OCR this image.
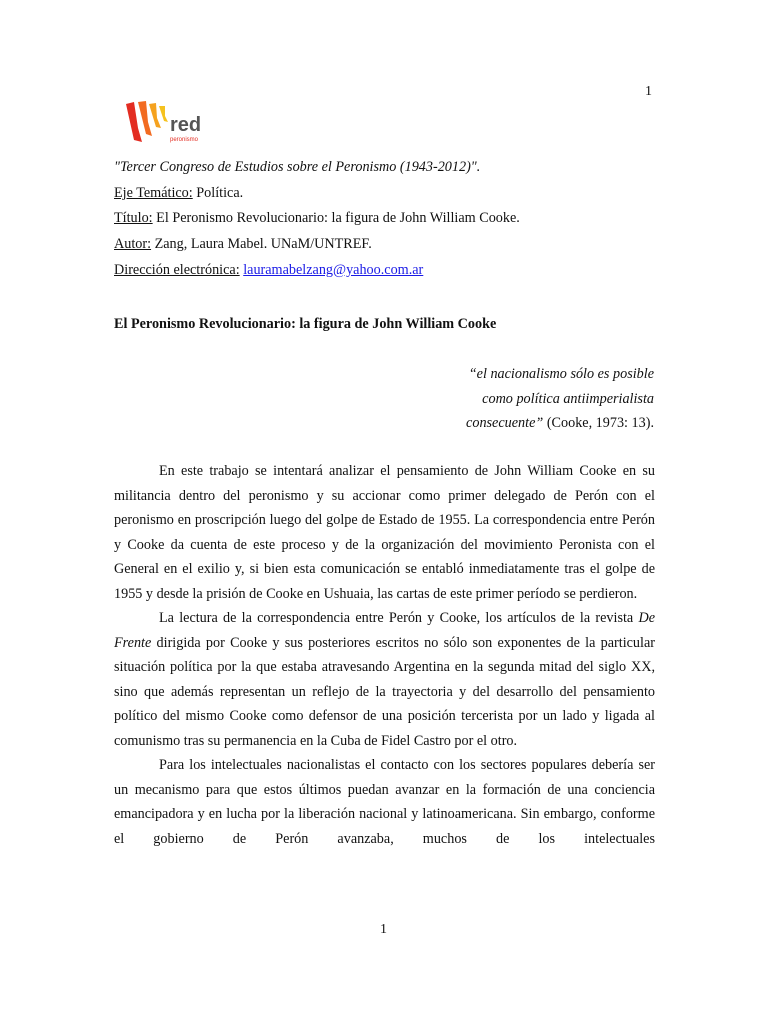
1
red
peronismo
"Tercer Congreso de Estudios sobre el Peronismo (1943-2012)".
Eje Temático: Política.
Título: El Peronismo Revolucionario: la figura de John William Cooke.
Autor: Zang, Laura Mabel. UNaM/UNTREF.
Dirección electrónica: lauramabelzang@yahoo.com.ar
El Peronismo Revolucionario: la figura de John William Cooke
“el nacionalismo sólo es posible
como política antiimperialista
consecuente” (Cooke, 1973: 13).

En este trabajo se intentará analizar el pensamiento de John William Cooke en su militancia dentro del peronismo y su accionar como primer delegado de Perón con el peronismo en proscripción luego del golpe de Estado de 1955. La correspondencia entre Perón y Cooke da cuenta de este proceso y de la organización del movimiento Peronista con el General en el exilio y, si bien esta comunicación se entabló inmediatamente tras el golpe de 1955 y desde la prisión de Cooke en Ushuaia, las cartas de este primer período se perdieron.

La lectura de la correspondencia entre Perón y Cooke, los artículos de la revista De Frente dirigida por Cooke y sus posteriores escritos no sólo son exponentes de la particular situación política por la que estaba atravesando Argentina en la segunda mitad del siglo XX, sino que además representan un reflejo de la trayectoria y del desarrollo del pensamiento político del mismo Cooke como defensor de una posición tercerista por un lado y ligada al comunismo tras su permanencia en la Cuba de Fidel Castro por el otro.

Para los intelectuales nacionalistas el contacto con los sectores populares debería ser un mecanismo para que estos últimos puedan avanzar en la formación de una conciencia emancipadora y en lucha por la liberación nacional y latinoamericana. Sin embargo, conforme el gobierno de Perón avanzaba, muchos de los intelectuales

1
